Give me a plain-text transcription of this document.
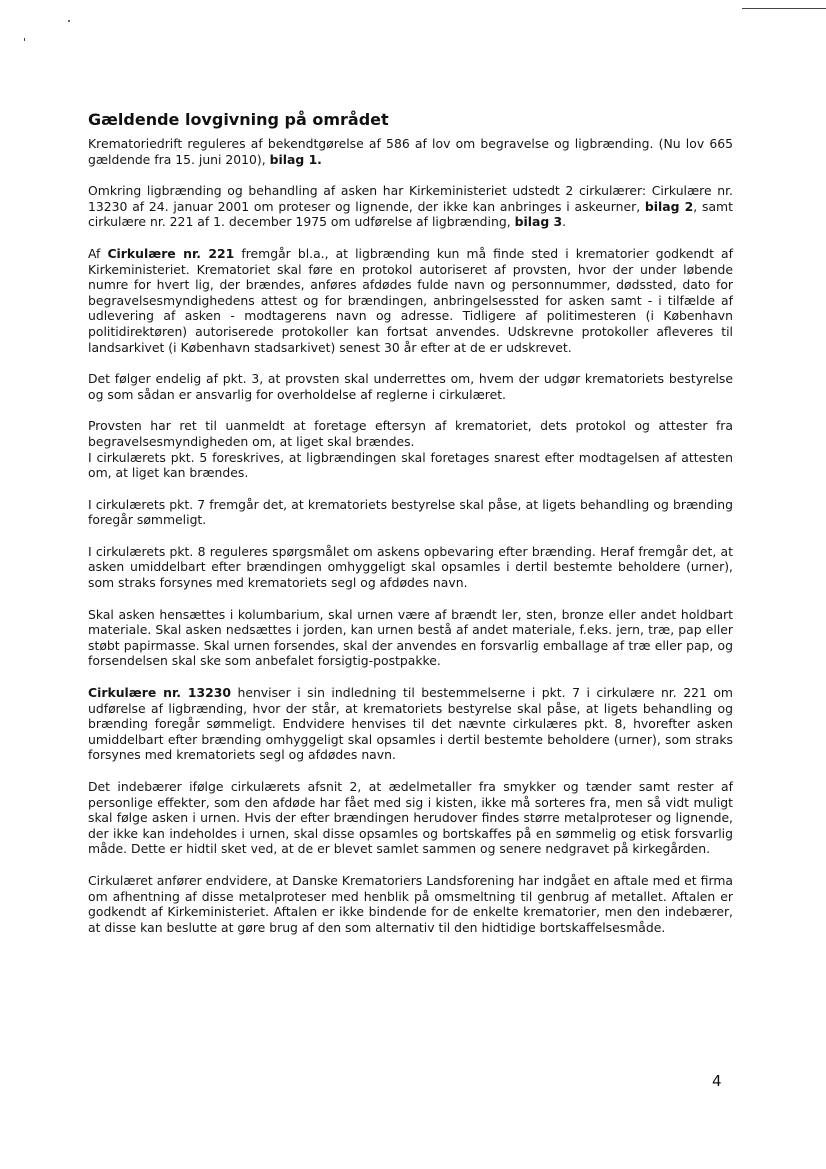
Gældende lovgivning på området

Krematoriedrift reguleres af bekendtgørelse af 586 af lov om begravelse og ligbrænding. (Nu lov 665 gældende fra 15. juni 2010), bilag 1.

Omkring ligbrænding og behandling af asken har Kirkeministeriet udstedt 2 cirkulærer: Cirkulære nr. 13230 af 24. januar 2001 om proteser og lignende, der ikke kan anbringes i askeurner, bilag 2, samt cirkulære nr. 221 af 1. december 1975 om udførelse af ligbrænding, bilag 3.

Af Cirkulære nr. 221 fremgår bl.a., at ligbrænding kun må finde sted i krematorier godkendt af Kirkeministeriet. Krematoriet skal føre en protokol autoriseret af provsten, hvor der under løbende numre for hvert lig, der brændes, anføres afdødes fulde navn og personnummer, dødssted, dato for begravelsesmyndighedens attest og for brændingen, anbringelsessted for asken samt - i tilfælde af udlevering af asken - modtagerens navn og adresse. Tidligere af politimesteren (i København politidirektøren) autoriserede protokoller kan fortsat anvendes. Udskrevne protokoller afleveres til landsarkivet (i København stadsarkivet) senest 30 år efter at de er udskrevet.

Det følger endelig af pkt. 3, at provsten skal underrettes om, hvem der udgør krematoriets bestyrelse og som sådan er ansvarlig for overholdelse af reglerne i cirkulæret.

Provsten har ret til uanmeldt at foretage eftersyn af krematoriet, dets protokol og attester fra begravelsesmyndigheden om, at liget skal brændes.

I cirkulærets pkt. 5 foreskrives, at ligbrændingen skal foretages snarest efter modtagelsen af attesten om, at liget kan brændes.

I cirkulærets pkt. 7 fremgår det, at krematoriets bestyrelse skal påse, at ligets behandling og brænding foregår sømmeligt.

I cirkulærets pkt. 8 reguleres spørgsmålet om askens opbevaring efter brænding. Heraf fremgår det, at asken umiddelbart efter brændingen omhyggeligt skal opsamles i dertil bestemte beholdere (urner), som straks forsynes med krematoriets segl og afdødes navn.

Skal asken hensættes i kolumbarium, skal urnen være af brændt ler, sten, bronze eller andet holdbart materiale. Skal asken nedsættes i jorden, kan urnen bestå af andet materiale, f.eks. jern, træ, pap eller støbt papirmasse. Skal urnen forsendes, skal der anvendes en forsvarlig emballage af træ eller pap, og forsendelsen skal ske som anbefalet forsigtig-postpakke.

Cirkulære nr. 13230 henviser i sin indledning til bestemmelserne i pkt. 7 i cirkulære nr. 221 om udførelse af ligbrænding, hvor der står, at krematoriets bestyrelse skal påse, at ligets behandling og brænding foregår sømmeligt. Endvidere henvises til det nævnte cirkulæres pkt. 8, hvorefter asken umiddelbart efter brænding omhyggeligt skal opsamles i dertil bestemte beholdere (urner), som straks forsynes med krematoriets segl og afdødes navn.

Det indebærer ifølge cirkulærets afsnit 2, at ædelmetaller fra smykker og tænder samt rester af personlige effekter, som den afdøde har fået med sig i kisten, ikke må sorteres fra, men så vidt muligt skal følge asken i urnen. Hvis der efter brændingen herudover findes større metalproteser og lignende, der ikke kan indeholdes i urnen, skal disse opsamles og bortskaffes på en sømmelig og etisk forsvarlig måde. Dette er hidtil sket ved, at de er blevet samlet sammen og senere nedgravet på kirkegården.

Cirkulæret anfører endvidere, at Danske Krematoriers Landsforening har indgået en aftale med et firma om afhentning af disse metalproteser med henblik på omsmeltning til genbrug af metallet. Aftalen er godkendt af Kirkeministeriet. Aftalen er ikke bindende for de enkelte krematorier, men den indebærer, at disse kan beslutte at gøre brug af den som alternativ til den hidtidige bortskaffelsesmåde.

4
